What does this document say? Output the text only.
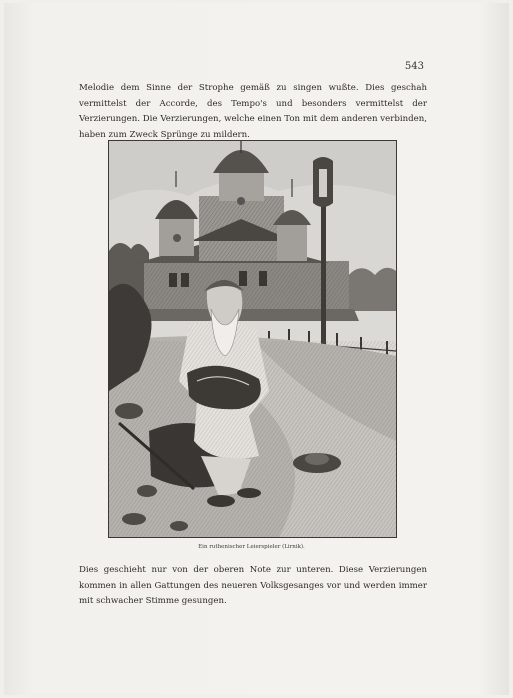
543
Melodie dem Sinne der Strophe gemäß zu singen wußte. Dies geschah vermittelst der Accorde, des Tempo's und besonders vermittelst der Verzierungen. Die Verzierungen, welche einen Ton mit dem anderen verbinden, haben zum Zweck Sprünge zu mildern.
Ein ruthenischer Leierspieler (Lirnik).
Dies geschieht nur von der oberen Note zur unteren. Diese Verzierungen kommen in allen Gattungen des neueren Volksgesanges vor und werden immer mit schwacher Stimme gesungen.
